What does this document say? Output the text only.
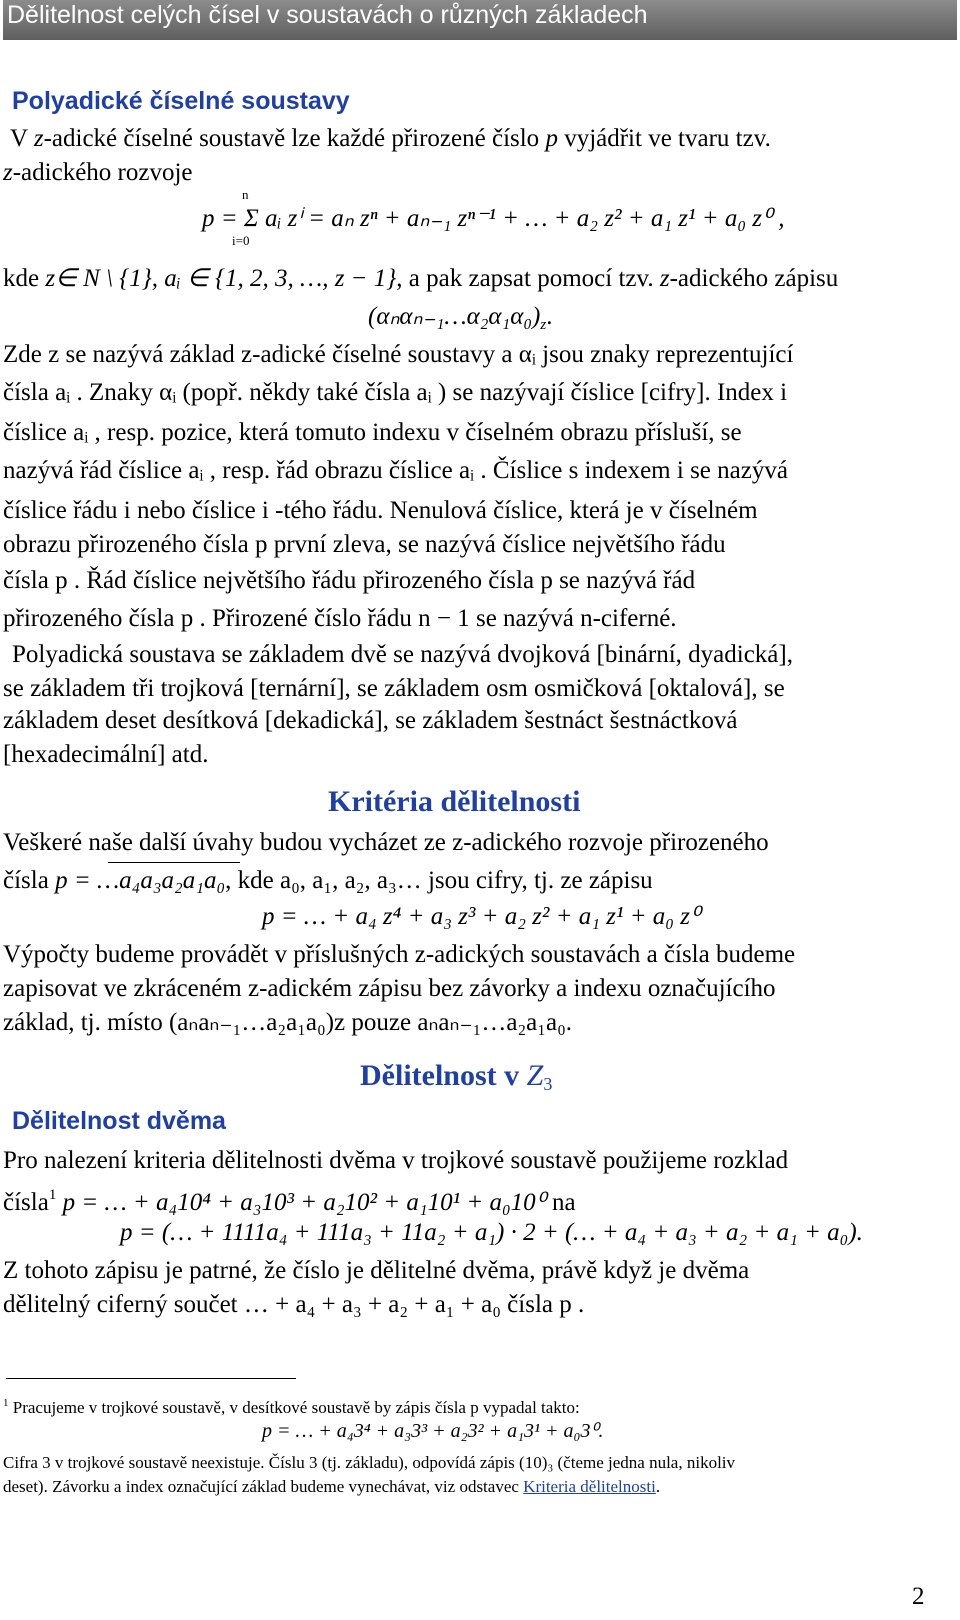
Dělitelnost celých čísel v soustavách o různých základech
Polyadické číselné soustavy
V z-adické číselné soustavě lze každé přirozené číslo p vyjádřit ve tvaru tzv.
z-adického rozvoje
n
p = Σ aᵢ zⁱ = aₙ zⁿ + aₙ₋₁ zⁿ⁻¹ + … + a₂ z² + a₁ z¹ + a₀ z⁰ ,
i=0
kde z∈ N \ {1}, aᵢ ∈ {1, 2, 3, …, z − 1}, a pak zapsat pomocí tzv. z-adického zápisu
$(\alpha_n\alpha_{n-1}\dots\alpha_2\alpha_1\alpha_0)_z$.
Zde z se nazývá základ z-adické číselné soustavy a αᵢ jsou znaky reprezentující
čísla aᵢ . Znaky αᵢ (popř. někdy také čísla aᵢ ) se nazývají číslice [cifry]. Index i
číslice aᵢ , resp. pozice, která tomuto indexu v číselném obrazu přísluší, se
nazývá řád číslice aᵢ , resp. řád obrazu číslice aᵢ . Číslice s indexem i se nazývá
číslice řádu i nebo číslice i -tého řádu. Nenulová číslice, která je v číselném
obrazu přirozeného čísla p první zleva, se nazývá číslice největšího řádu
čísla p . Řád číslice největšího řádu přirozeného čísla p se nazývá řád
přirozeného čísla p . Přirozené číslo řádu n − 1 se nazývá n-ciferné.
Polyadická soustava se základem dvě se nazývá dvojková [binární, dyadická],
se základem tři trojková [ternární], se základem osm osmičková [oktalová], se
základem deset desítková [dekadická], se základem šestnáct šestnáctková
[hexadecimální] atd.
Kritéria dělitelnosti
Veškeré naše další úvahy budou vycházet ze z-adického rozvoje přirozeného
čísla p = …a₄a₃a₂a₁a₀, kde a₀, a₁, a₂, a₃… jsou cifry, tj. ze zápisu
p = … + a₄ z⁴ + a₃ z³ + a₂ z² + a₁ z¹ + a₀ z⁰
Výpočty budeme provádět v příslušných z-adických soustavách a čísla budeme
zapisovat ve zkráceném z-adickém zápisu bez závorky a indexu označujícího
základ, tj. místo (aₙaₙ₋₁…a₂a₁a₀)z pouze aₙaₙ₋₁…a₂a₁a₀.
Dělitelnost v $Z_3$
Dělitelnost dvěma
Pro nalezení kriteria dělitelnosti dvěma v trojkové soustavě použijeme rozklad
čísla$^1$ p = … + a₄10⁴ + a₃10³ + a₂10² + a₁10¹ + a₀10⁰ na
p = (… + 1111a₄ + 111a₃ + 11a₂ + a₁) · 2 + (… + a₄ + a₃ + a₂ + a₁ + a₀).
Z tohoto zápisu je patrné, že číslo je dělitelné dvěma, právě když je dvěma
dělitelný ciferný součet … + a₄ + a₃ + a₂ + a₁ + a₀ čísla p .
$^1$ Pracujeme v trojkové soustavě, v desítkové soustavě by zápis čísla p vypadal takto:
p = … + a₄3⁴ + a₃3³ + a₂3² + a₁3¹ + a₀3⁰.
Cifra 3 v trojkové soustavě neexistuje. Číslu 3 (tj. základu), odpovídá zápis (10)₃ (čteme jedna nula, nikoliv
deset). Závorku a index označující základ budeme vynechávat, viz odstavec Kriteria dělitelnosti.
2
